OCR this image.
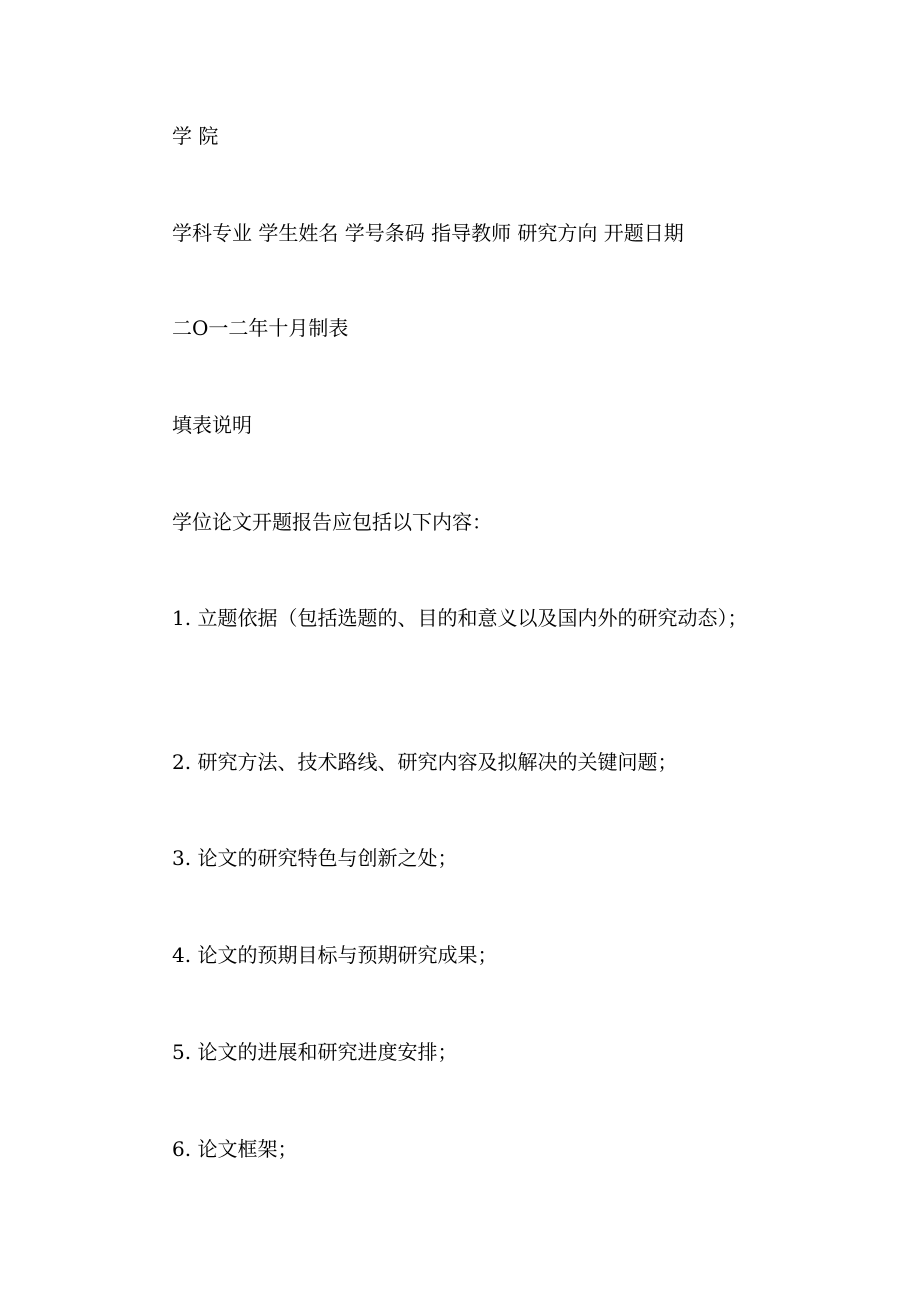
学 院
学科专业 学生姓名 学号条码 指导教师 研究方向 开题日期
二O一二年十月制表
填表说明
学位论文开题报告应包括以下内容：
1. 立题依据（包括选题的、目的和意义以及国内外的研究动态）；
2. 研究方法、技术路线、研究内容及拟解决的关键问题；
3. 论文的研究特色与创新之处；
4. 论文的预期目标与预期研究成果；
5. 论文的进展和研究进度安排；
6. 论文框架；
